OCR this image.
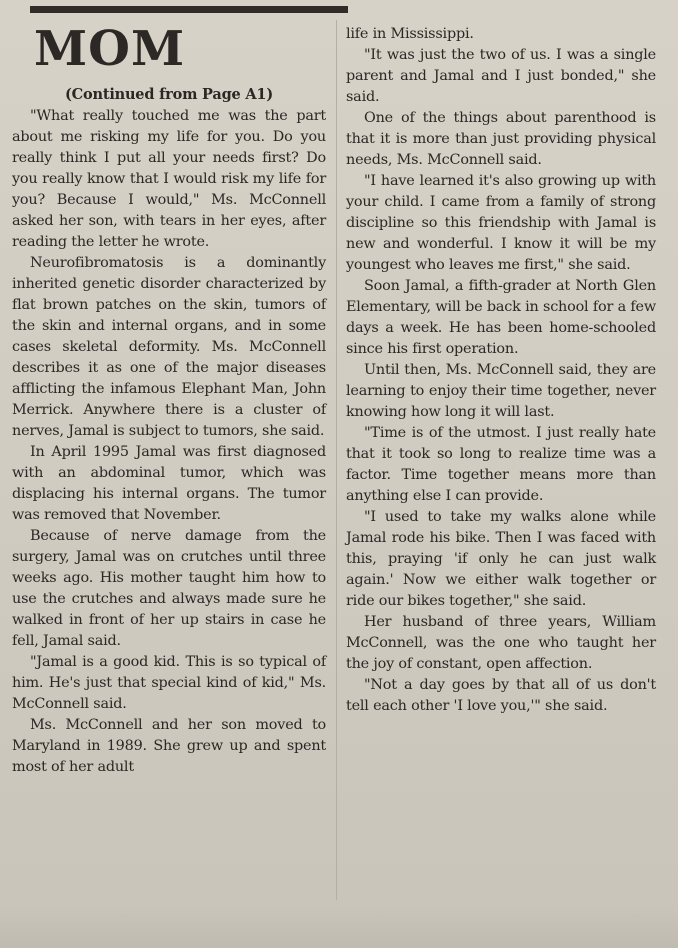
MOM

(Continued from Page A1)

"What really touched me was the part about me risking my life for you. Do you really think I put all your needs first? Do you really know that I would risk my life for you? Because I would," Ms. McConnell asked her son, with tears in her eyes, after reading the letter he wrote.

Neurofibromatosis is a dominantly inherited genetic disorder characterized by flat brown patches on the skin, tumors of the skin and internal organs, and in some cases skeletal deformity. Ms. McConnell describes it as one of the major diseases afflicting the infamous Elephant Man, John Merrick. Anywhere there is a cluster of nerves, Jamal is subject to tumors, she said.

In April 1995 Jamal was first diagnosed with an abdominal tumor, which was displacing his internal organs. The tumor was removed that November.

Because of nerve damage from the surgery, Jamal was on crutches until three weeks ago. His mother taught him how to use the crutches and always made sure he walked in front of her up stairs in case he fell, Jamal said.

"Jamal is a good kid. This is so typical of him. He's just that special kind of kid," Ms. McConnell said.

Ms. McConnell and her son moved to Maryland in 1989. She grew up and spent most of her adult

life in Mississippi.

"It was just the two of us. I was a single parent and Jamal and I just bonded," she said.

One of the things about parenthood is that it is more than just providing physical needs, Ms. McConnell said.

"I have learned it's also growing up with your child. I came from a family of strong discipline so this friendship with Jamal is new and wonderful. I know it will be my youngest who leaves me first," she said.

Soon Jamal, a fifth-grader at North Glen Elementary, will be back in school for a few days a week. He has been home-schooled since his first operation.

Until then, Ms. McConnell said, they are learning to enjoy their time together, never knowing how long it will last.

"Time is of the utmost. I just really hate that it took so long to realize time was a factor. Time together means more than anything else I can provide.

"I used to take my walks alone while Jamal rode his bike. Then I was faced with this, praying 'if only he can just walk again.' Now we either walk together or ride our bikes together," she said.

Her husband of three years, William McConnell, was the one who taught her the joy of constant, open affection.

"Not a day goes by that all of us don't tell each other 'I love you,'" she said.
